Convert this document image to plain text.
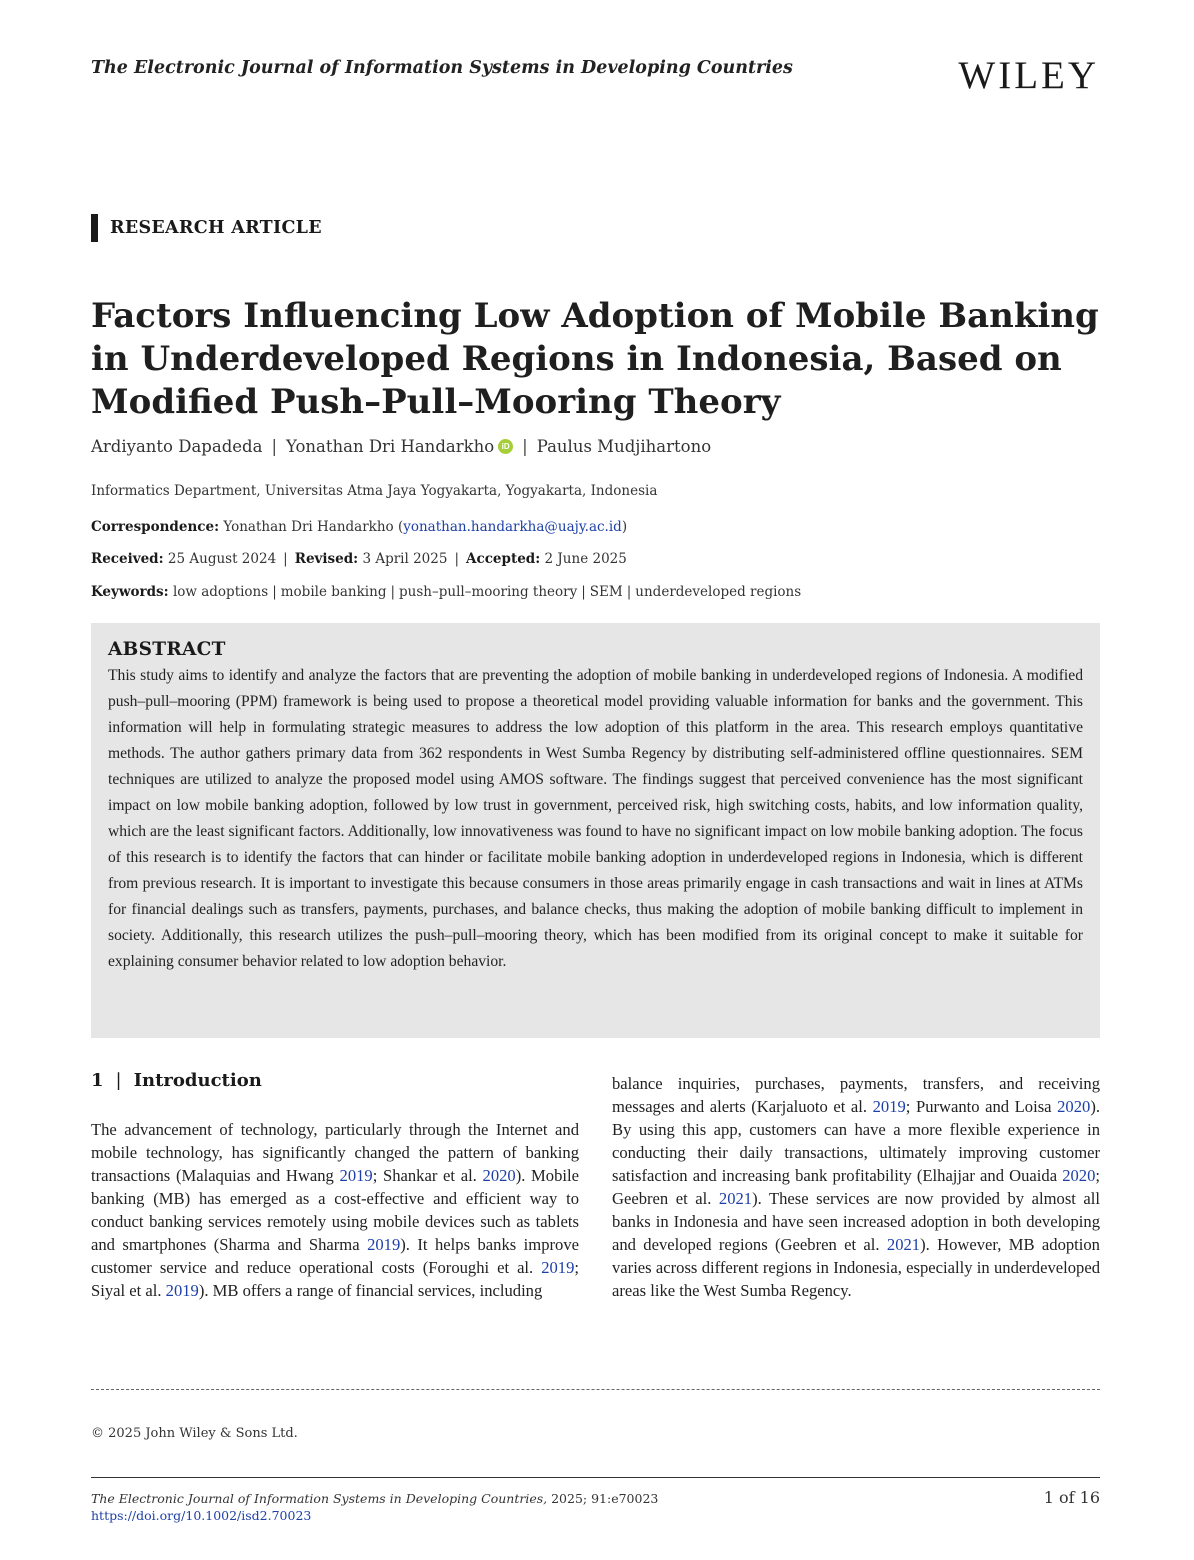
The Electronic Journal of Information Systems in Developing Countries	WILEY
RESEARCH ARTICLE
Factors Influencing Low Adoption of Mobile Banking in Underdeveloped Regions in Indonesia, Based on Modified Push–Pull–Mooring Theory
Ardiyanto Dapadeda | Yonathan Dri Handarkho iD | Paulus Mudjihartono
Informatics Department, Universitas Atma Jaya Yogyakarta, Yogyakarta, Indonesia
Correspondence: Yonathan Dri Handarkho (yonathan.handarkha@uajy.ac.id)
Received: 25 August 2024 | Revised: 3 April 2025 | Accepted: 2 June 2025
Keywords: low adoptions | mobile banking | push–pull–mooring theory | SEM | underdeveloped regions
ABSTRACT

This study aims to identify and analyze the factors that are preventing the adoption of mobile banking in underdeveloped regions of Indonesia. A modified push–pull–mooring (PPM) framework is being used to propose a theoretical model providing valuable information for banks and the government. This information will help in formulating strategic measures to address the low adoption of this platform in the area. This research employs quantitative methods. The author gathers primary data from 362 respondents in West Sumba Regency by distributing self-administered offline questionnaires. SEM techniques are utilized to analyze the proposed model using AMOS software. The findings suggest that perceived convenience has the most significant impact on low mobile banking adoption, followed by low trust in government, perceived risk, high switching costs, habits, and low information quality, which are the least significant factors. Additionally, low innovativeness was found to have no significant impact on low mobile banking adoption. The focus of this research is to identify the factors that can hinder or facilitate mobile banking adoption in underdeveloped regions in Indonesia, which is different from previous research. It is important to investigate this because consumers in those areas primarily engage in cash transactions and wait in lines at ATMs for financial dealings such as transfers, payments, purchases, and balance checks, thus making the adoption of mobile banking difficult to implement in society. Additionally, this research utilizes the push–pull–mooring theory, which has been modified from its original concept to make it suitable for explaining consumer behavior related to low adoption behavior.

1 | Introduction

The advancement of technology, particularly through the Internet and mobile technology, has significantly changed the pattern of banking transactions (Malaquias and Hwang 2019; Shankar et al. 2020). Mobile banking (MB) has emerged as a cost-effective and efficient way to conduct banking services remotely using mobile devices such as tablets and smartphones (Sharma and Sharma 2019). It helps banks improve customer service and reduce operational costs (Foroughi et al. 2019; Siyal et al. 2019). MB offers a range of financial services, including

balance inquiries, purchases, payments, transfers, and receiving messages and alerts (Karjaluoto et al. 2019; Purwanto and Loisa 2020). By using this app, customers can have a more flexible experience in conducting their daily transactions, ultimately improving customer satisfaction and increasing bank profitability (Elhajjar and Ouaida 2020; Geebren et al. 2021). These services are now provided by almost all banks in Indonesia and have seen increased adoption in both developing and developed regions (Geebren et al. 2021). However, MB adoption varies across different regions in Indonesia, especially in underdeveloped areas like the West Sumba Regency.

© 2025 John Wiley & Sons Ltd.
The Electronic Journal of Information Systems in Developing Countries, 2025; 91:e70023
https://doi.org/10.1002/isd2.70023
1 of 16
